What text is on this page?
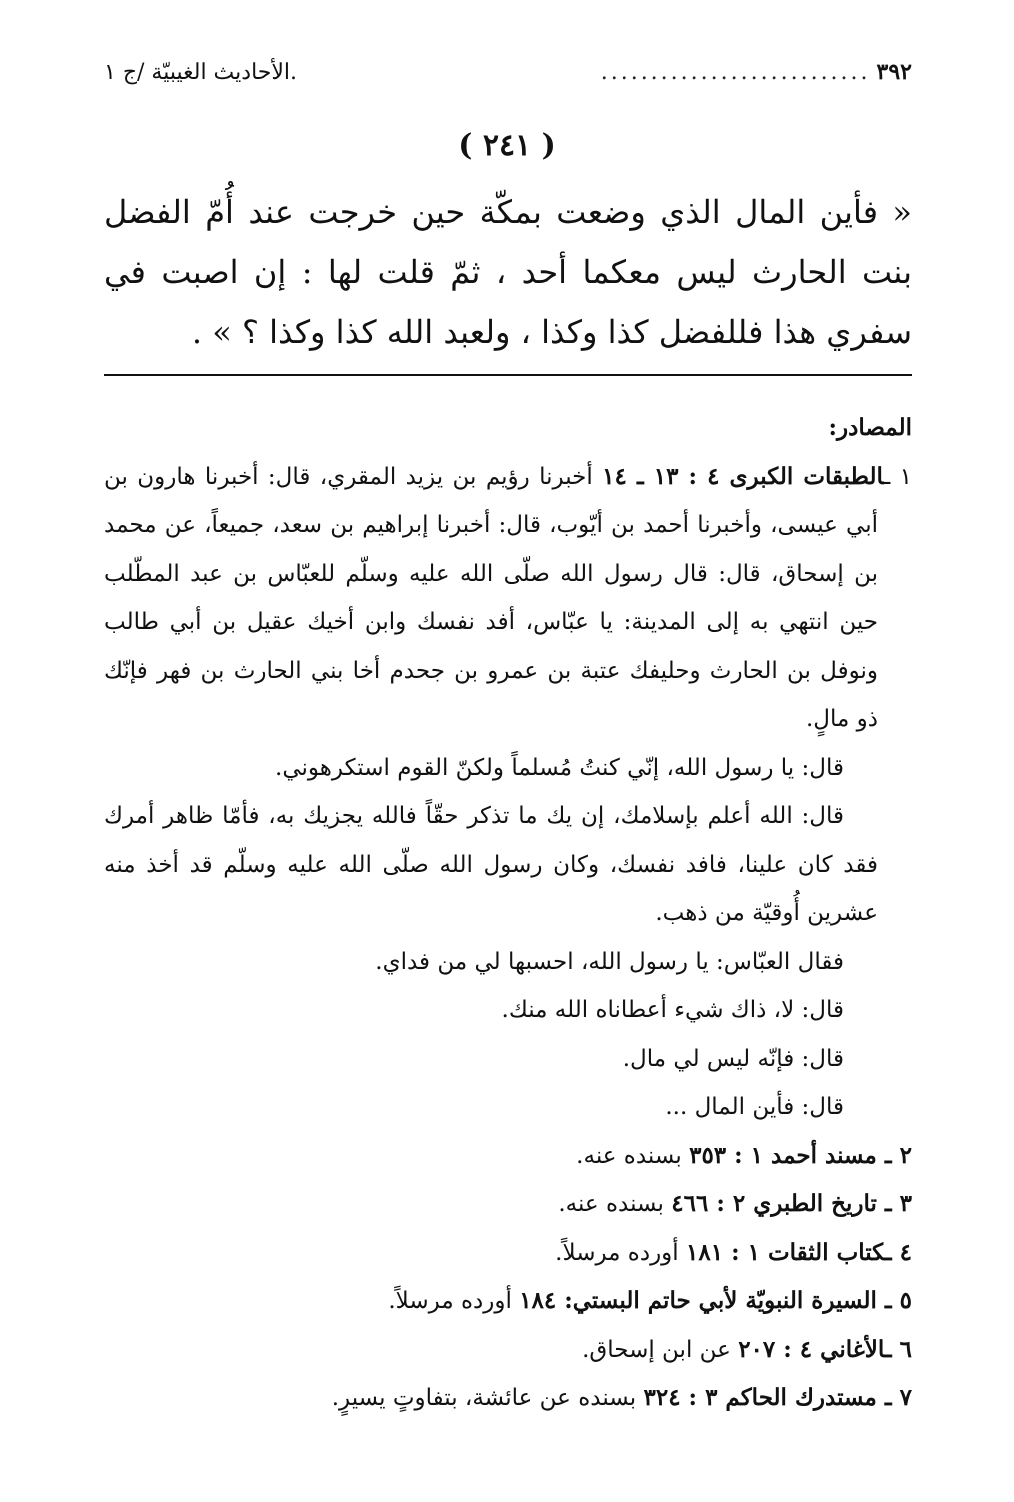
٣٩٢
...........................
.الأحاديث الغيبيّة /ج ١
( ٢٤١ )
« فأين المال الذي وضعت بمكّة حين خرجت عند أُمّ الفضل بنت الحارث ليس معكما أحد ، ثمّ قلت لها : إن اصبت في سفري هذا فللفضل كذا وكذا ، ولعبد الله كذا وكذا ؟ » .

المصادر:

١ ـالطبقات الكبرى ٤ : ١٣ ـ ١٤ أخبرنا رؤيم بن يزيد المقري، قال: أخبرنا هارون بن أبي عيسى، وأخبرنا أحمد بن أيّوب، قال: أخبرنا إبراهيم بن سعد، جميعاً، عن محمد بن إسحاق، قال: قال رسول الله صلّى الله عليه وسلّم للعبّاس بن عبد المطّلب حين انتهي به إلى المدينة: يا عبّاس، أفد نفسك وابن أخيك عقيل بن أبي طالب ونوفل بن الحارث وحليفك عتبة بن عمرو بن جحدم أخا بني الحارث بن فهر فإنّك ذو مالٍ.

قال: يا رسول الله، إنّي كنتُ مُسلماً ولكنّ القوم استكرهوني.

قال: الله أعلم بإسلامك، إن يك ما تذكر حقّاً فالله يجزيك به، فأمّا ظاهر أمرك فقد كان علينا، فافد نفسك، وكان رسول الله صلّى الله عليه وسلّم قد أخذ منه عشرين أُوقيّة من ذهب.

فقال العبّاس: يا رسول الله، احسبها لي من فداي.

قال: لا، ذاك شيء أعطاناه الله منك.

قال: فإنّه ليس لي مال.

قال: فأين المال ...

٢ ـ مسند أحمد ١ : ٣٥٣ بسنده عنه.

٣ ـ تاريخ الطبري ٢ : ٤٦٦ بسنده عنه.

٤ ـكتاب الثقات ١ : ١٨١ أورده مرسلاً.

٥ ـ السيرة النبويّة لأبي حاتم البستي: ١٨٤ أورده مرسلاً.

٦ ـالأغاني ٤ : ٢٠٧ عن ابن إسحاق.

٧ ـ مستدرك الحاكم ٣ : ٣٢٤ بسنده عن عائشة، بتفاوتٍ يسيرٍ.
